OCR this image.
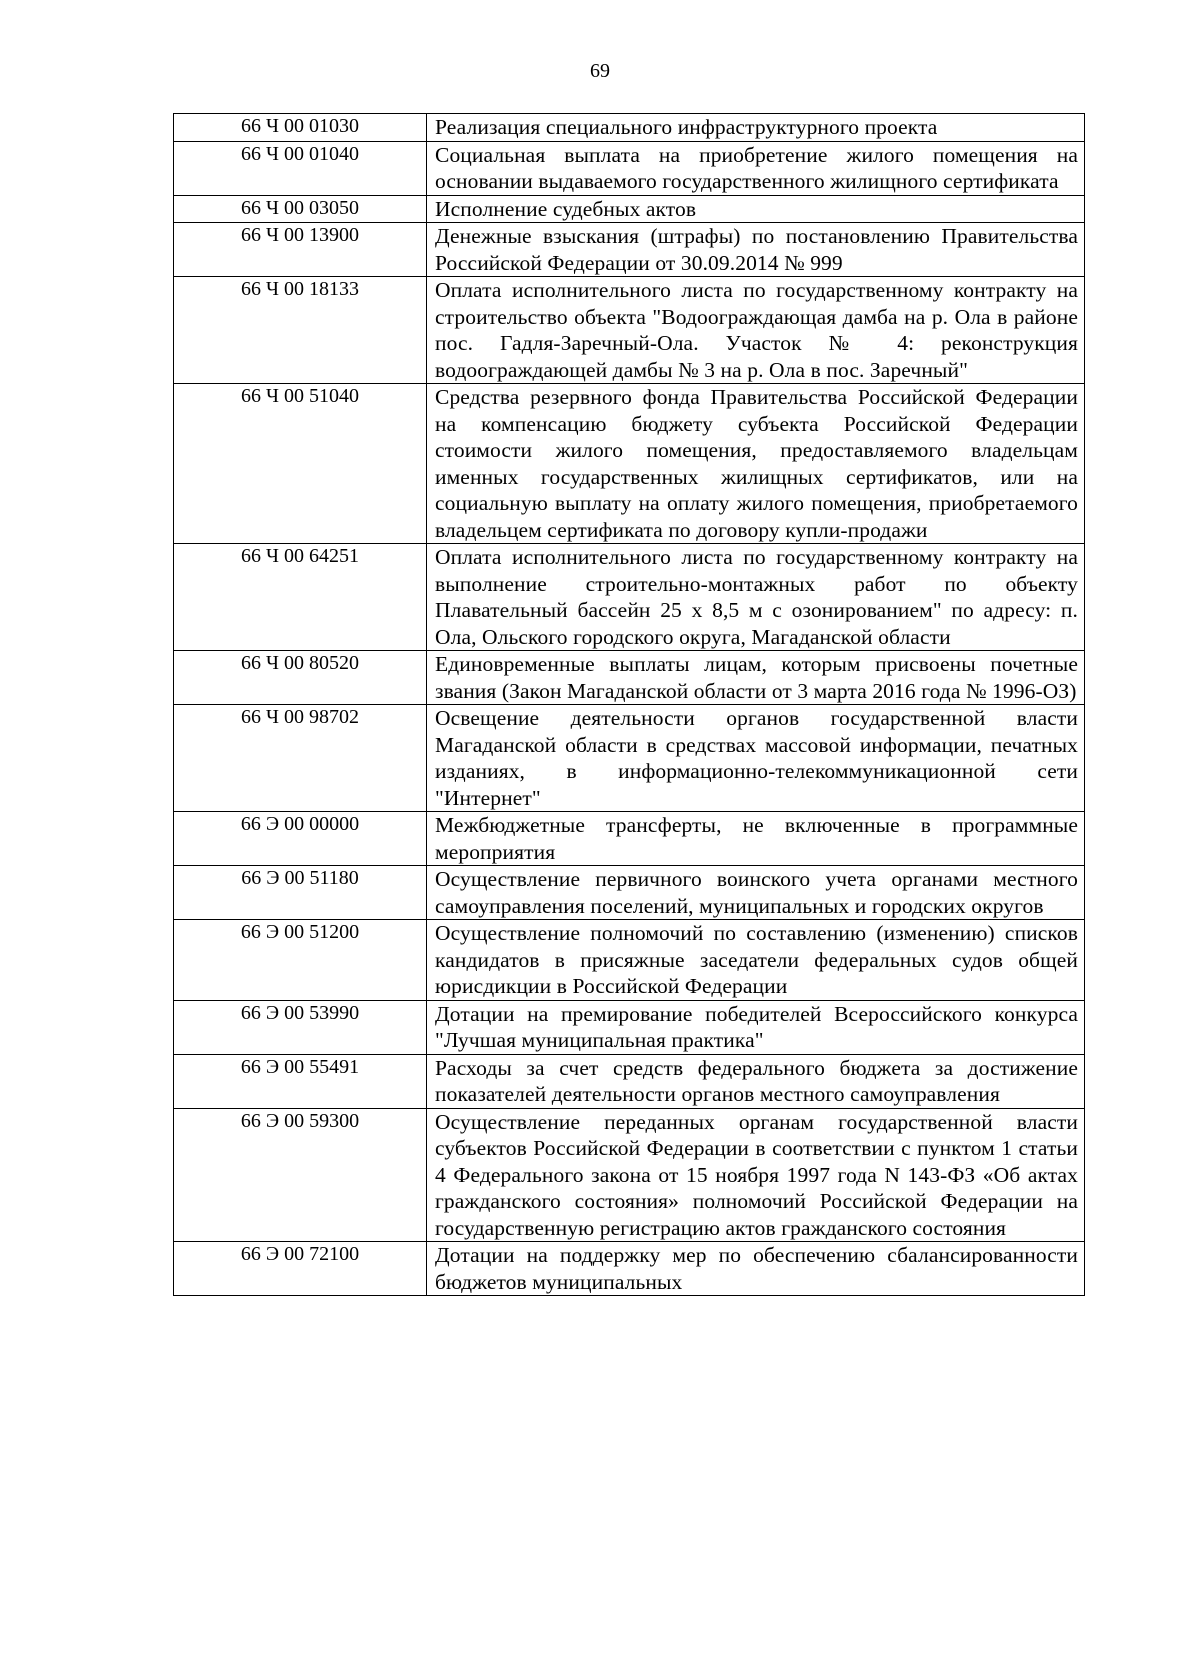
69
66 Ч 00 01030	Реализация специального инфраструктурного проекта
66 Ч 00 01040	Социальная выплата на приобретение жилого помещения на основании выдаваемого государственного жилищного сертификата
66 Ч 00 03050	Исполнение судебных актов
66 Ч 00 13900	Денежные взыскания (штрафы) по постановлению Правительства Российской Федерации от 30.09.2014 № 999
66 Ч 00 18133	Оплата исполнительного листа по государственному контракту на строительство объекта "Водоограждающая дамба на р. Ола в районе пос. Гадля-Заречный-Ола. Участок № 4: реконструкция водоограждающей дамбы № 3 на р. Ола в пос. Заречный"
66 Ч 00 51040	Средства резервного фонда Правительства Российской Федерации на компенсацию бюджету субъекта Российской Федерации стоимости жилого помещения, предоставляемого владельцам именных государственных жилищных сертификатов, или на социальную выплату на оплату жилого помещения, приобретаемого владельцем сертификата по договору купли-продажи
66 Ч 00 64251	Оплата исполнительного листа по государственному контракту на выполнение строительно-монтажных работ по объекту Плавательный бассейн 25 х 8,5 м с озонированием" по адресу: п. Ола, Ольского городского округа, Магаданской области
66 Ч 00 80520	Единовременные выплаты лицам, которым присвоены почетные звания (Закон Магаданской области от 3 марта 2016 года № 1996-ОЗ)
66 Ч 00 98702	Освещение деятельности органов государственной власти Магаданской области в средствах массовой информации, печатных изданиях, в информационно-телекоммуникационной сети "Интернет"
66 Э 00 00000	Межбюджетные трансферты, не включенные в программные мероприятия
66 Э 00 51180	Осуществление первичного воинского учета органами местного самоуправления поселений, муниципальных и городских округов
66 Э 00 51200	Осуществление полномочий по составлению (изменению) списков кандидатов в присяжные заседатели федеральных судов общей юрисдикции в Российской Федерации
66 Э 00 53990	Дотации на премирование победителей Всероссийского конкурса "Лучшая муниципальная практика"
66 Э 00 55491	Расходы за счет средств федерального бюджета за достижение показателей деятельности органов местного самоуправления
66 Э 00 59300	Осуществление переданных органам государственной власти субъектов Российской Федерации в соответствии с пунктом 1 статьи 4 Федерального закона от 15 ноября 1997 года N 143-ФЗ «Об актах гражданского состояния» полномочий Российской Федерации на государственную регистрацию актов гражданского состояния
66 Э 00 72100	Дотации на поддержку мер по обеспечению сбалансированности бюджетов муниципальных
